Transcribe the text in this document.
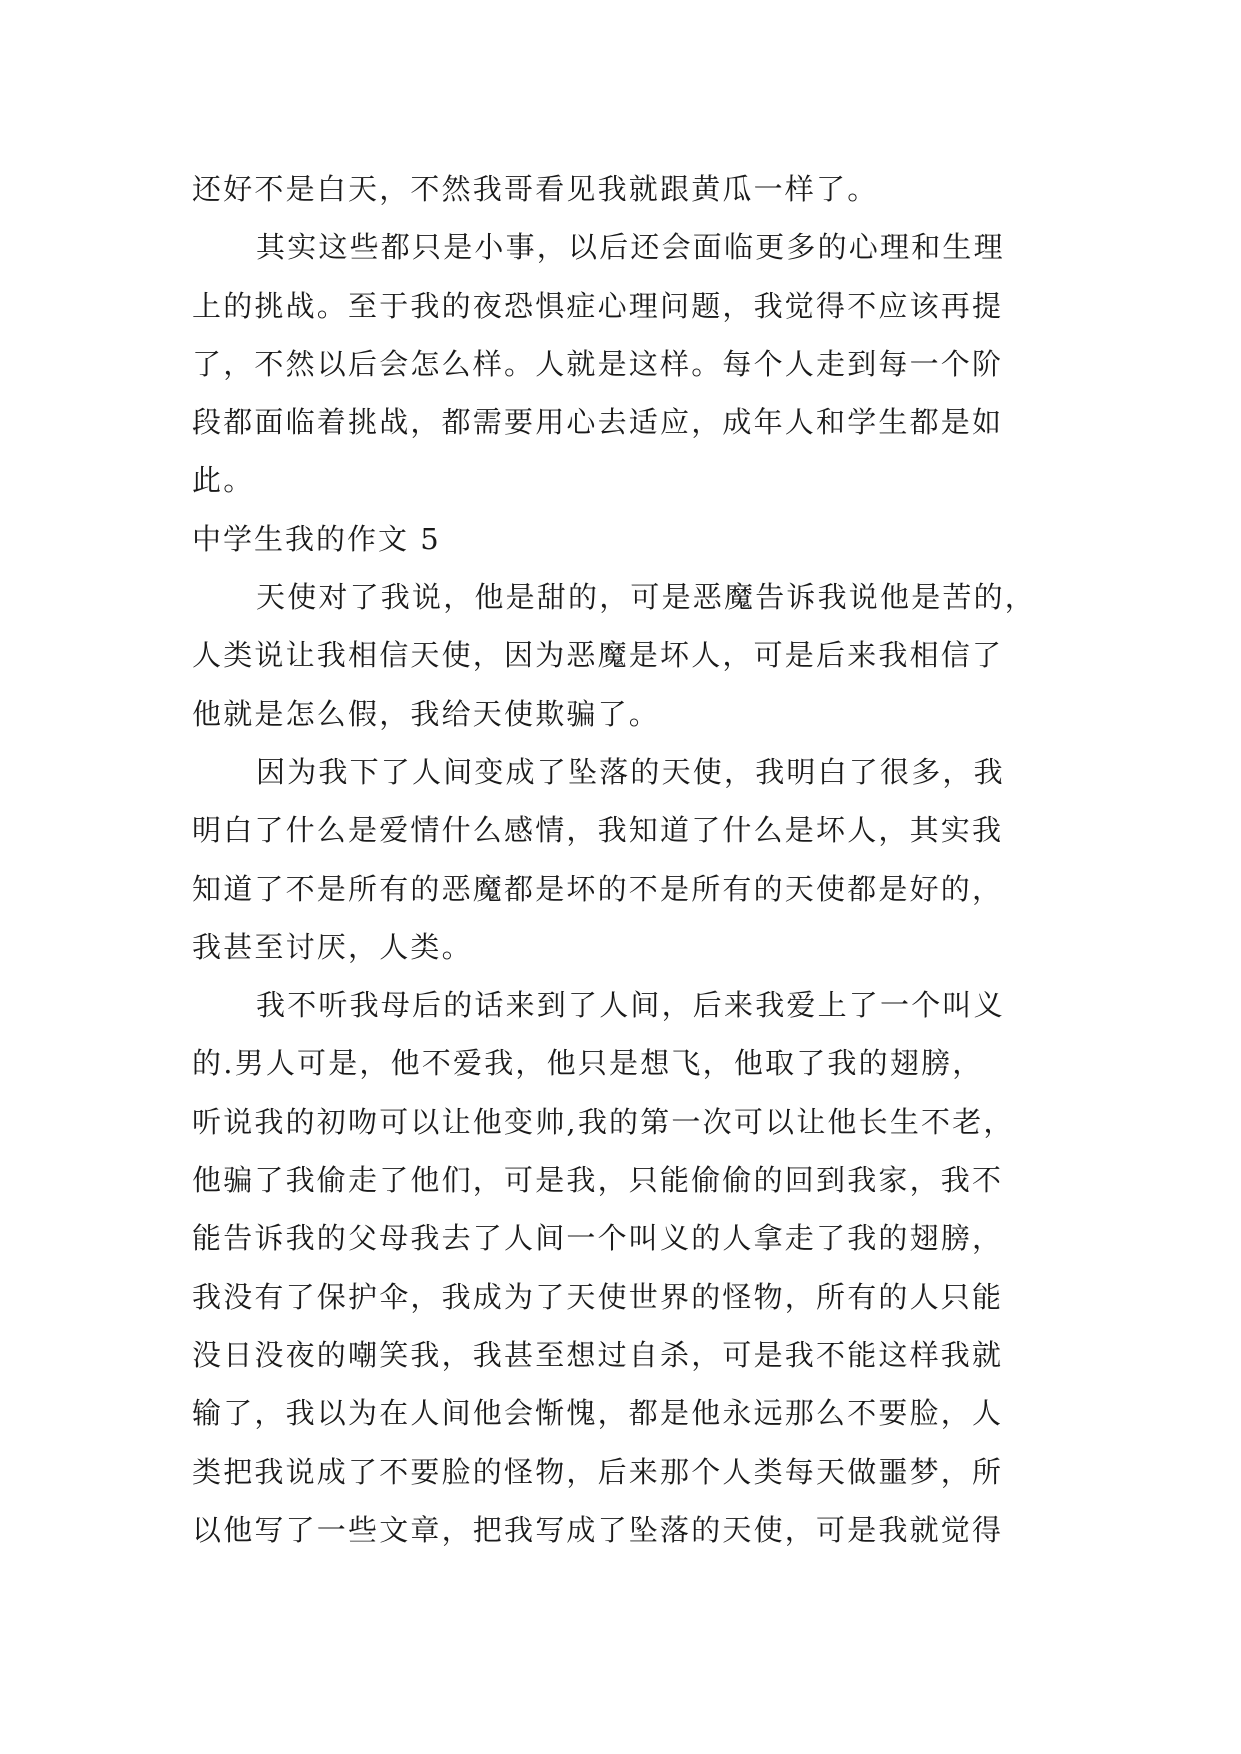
还好不是白天，不然我哥看见我就跟黄瓜一样了。
其实这些都只是小事，以后还会面临更多的心理和生理
上的挑战。至于我的夜恐惧症心理问题，我觉得不应该再提
了，不然以后会怎么样。人就是这样。每个人走到每一个阶
段都面临着挑战，都需要用心去适应，成年人和学生都是如
此。
中学生我的作文 5
天使对了我说，他是甜的，可是恶魔告诉我说他是苦的，
人类说让我相信天使，因为恶魔是坏人，可是后来我相信了
他就是怎么假，我给天使欺骗了。
因为我下了人间变成了坠落的天使，我明白了很多，我
明白了什么是爱情什么感情，我知道了什么是坏人，其实我
知道了不是所有的恶魔都是坏的不是所有的天使都是好的，
我甚至讨厌，人类。
我不听我母后的话来到了人间，后来我爱上了一个叫义
的.男人可是，他不爱我，他只是想飞，他取了我的翅膀，
听说我的初吻可以让他变帅,我的第一次可以让他长生不老，
他骗了我偷走了他们，可是我，只能偷偷的回到我家，我不
能告诉我的父母我去了人间一个叫义的人拿走了我的翅膀，
我没有了保护伞，我成为了天使世界的怪物，所有的人只能
没日没夜的嘲笑我，我甚至想过自杀，可是我不能这样我就
输了，我以为在人间他会惭愧，都是他永远那么不要脸，人
类把我说成了不要脸的怪物，后来那个人类每天做噩梦，所
以他写了一些文章，把我写成了坠落的天使，可是我就觉得
